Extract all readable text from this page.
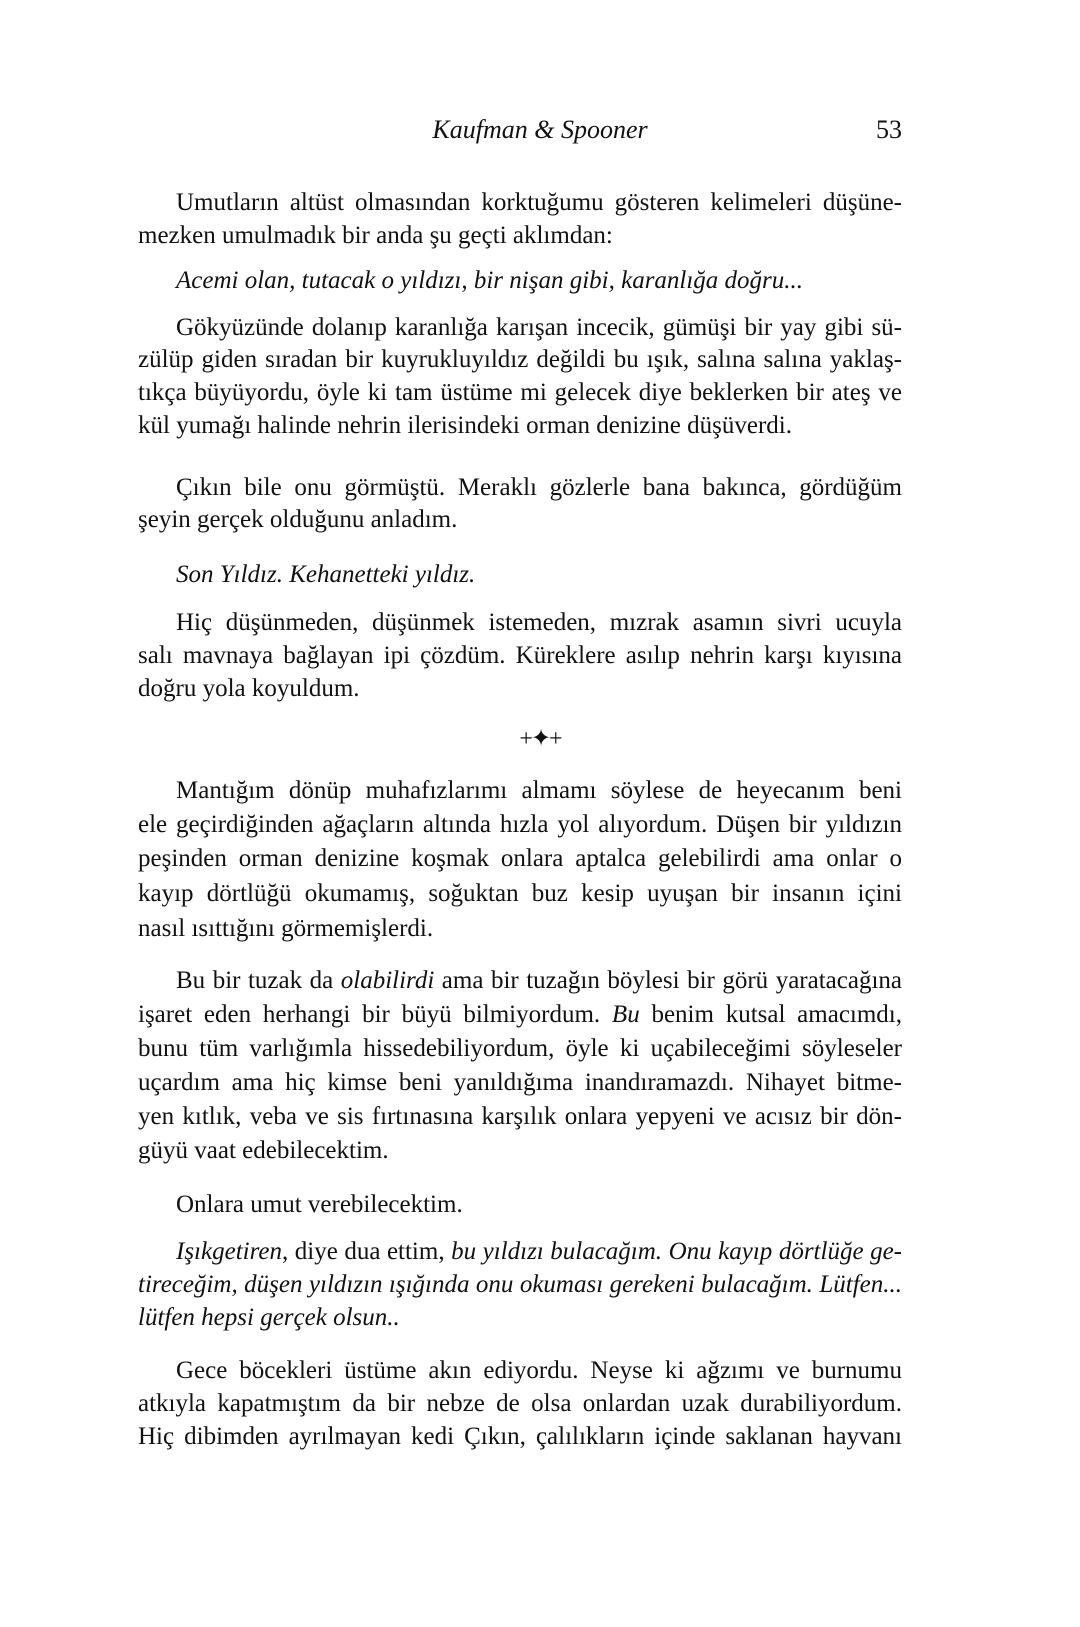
Kaufman & Spooner	53
+✦+
Umutların altüst olmasından korktuğumu gösteren kelimeleri düşüne-
mezken umulmadık bir anda şu geçti aklımdan:
Acemi olan, tutacak o yıldızı, bir nişan gibi, karanlığa doğru...
Gökyüzünde dolanıp karanlığa karışan incecik, gümüşi bir yay gibi sü-
zülüp giden sıradan bir kuyrukluyıldız değildi bu ışık, salına salına yaklaş-
tıkça büyüyordu, öyle ki tam üstüme mi gelecek diye beklerken bir ateş ve
kül yumağı halinde nehrin ilerisindeki orman denizine düşüverdi.
Çıkın bile onu görmüştü. Meraklı gözlerle bana bakınca, gördüğüm
şeyin gerçek olduğunu anladım.
Son Yıldız. Kehanetteki yıldız.
Hiç düşünmeden, düşünmek istemeden, mızrak asamın sivri ucuyla
salı mavnaya bağlayan ipi çözdüm. Küreklere asılıp nehrin karşı kıyısına
doğru yola koyuldum.
Mantığım dönüp muhafızlarımı almamı söylese de heyecanım beni
ele geçirdiğinden ağaçların altında hızla yol alıyordum. Düşen bir yıldızın
peşinden orman denizine koşmak onlara aptalca gelebilirdi ama onlar o
kayıp dörtlüğü okumamış, soğuktan buz kesip uyuşan bir insanın içini
nasıl ısıttığını görmemişlerdi.
Bu bir tuzak da olabilirdi ama bir tuzağın böylesi bir görü yaratacağına
işaret eden herhangi bir büyü bilmiyordum. Bu benim kutsal amacımdı,
bunu tüm varlığımla hissedebiliyordum, öyle ki uçabileceğimi söyleseler
uçardım ama hiç kimse beni yanıldığıma inandıramazdı. Nihayet bitme-
yen kıtlık, veba ve sis fırtınasına karşılık onlara yepyeni ve acısız bir dön-
güyü vaat edebilecektim.
Onlara umut verebilecektim.
Işıkgetiren, diye dua ettim, bu yıldızı bulacağım. Onu kayıp dörtlüğe ge-
tireceğim, düşen yıldızın ışığında onu okuması gerekeni bulacağım. Lütfen...
lütfen hepsi gerçek olsun..
Gece böcekleri üstüme akın ediyordu. Neyse ki ağzımı ve burnumu
atkıyla kapatmıştım da bir nebze de olsa onlardan uzak durabiliyordum.
Hiç dibimden ayrılmayan kedi Çıkın, çalılıkların içinde saklanan hayvanı
